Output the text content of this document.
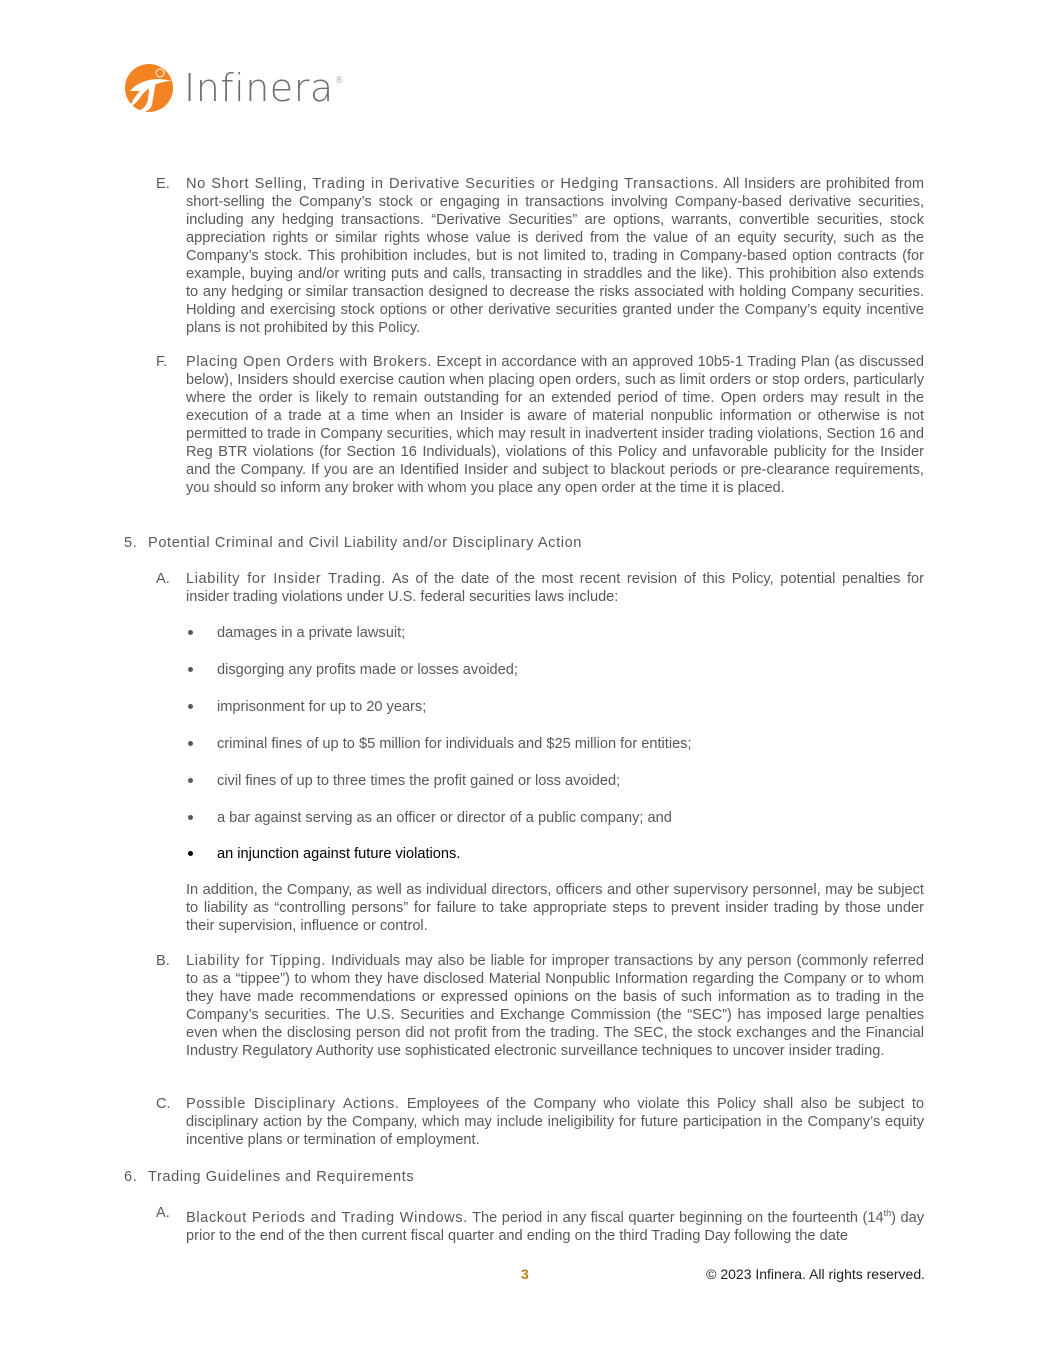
Infinera®
E. No Short Selling, Trading in Derivative Securities or Hedging Transactions. All Insiders are prohibited from short-selling the Company’s stock or engaging in transactions involving Company-based derivative securities, including any hedging transactions. “Derivative Securities” are options, warrants, convertible securities, stock appreciation rights or similar rights whose value is derived from the value of an equity security, such as the Company’s stock. This prohibition includes, but is not limited to, trading in Company-based option contracts (for example, buying and/or writing puts and calls, transacting in straddles and the like). This prohibition also extends to any hedging or similar transaction designed to decrease the risks associated with holding Company securities. Holding and exercising stock options or other derivative securities granted under the Company’s equity incentive plans is not prohibited by this Policy.
F. Placing Open Orders with Brokers. Except in accordance with an approved 10b5-1 Trading Plan (as discussed below), Insiders should exercise caution when placing open orders, such as limit orders or stop orders, particularly where the order is likely to remain outstanding for an extended period of time. Open orders may result in the execution of a trade at a time when an Insider is aware of material nonpublic information or otherwise is not permitted to trade in Company securities, which may result in inadvertent insider trading violations, Section 16 and Reg BTR violations (for Section 16 Individuals), violations of this Policy and unfavorable publicity for the Insider and the Company. If you are an Identified Insider and subject to blackout periods or pre-clearance requirements, you should so inform any broker with whom you place any open order at the time it is placed.
5. Potential Criminal and Civil Liability and/or Disciplinary Action
A. Liability for Insider Trading. As of the date of the most recent revision of this Policy, potential penalties for insider trading violations under U.S. federal securities laws include:
damages in a private lawsuit;
disgorging any profits made or losses avoided;
imprisonment for up to 20 years;
criminal fines of up to $5 million for individuals and $25 million for entities;
civil fines of up to three times the profit gained or loss avoided;
a bar against serving as an officer or director of a public company; and
an injunction against future violations.
In addition, the Company, as well as individual directors, officers and other supervisory personnel, may be subject to liability as “controlling persons” for failure to take appropriate steps to prevent insider trading by those under their supervision, influence or control.
B. Liability for Tipping. Individuals may also be liable for improper transactions by any person (commonly referred to as a “tippee”) to whom they have disclosed Material Nonpublic Information regarding the Company or to whom they have made recommendations or expressed opinions on the basis of such information as to trading in the Company’s securities. The U.S. Securities and Exchange Commission (the “SEC”) has imposed large penalties even when the disclosing person did not profit from the trading. The SEC, the stock exchanges and the Financial Industry Regulatory Authority use sophisticated electronic surveillance techniques to uncover insider trading.
C. Possible Disciplinary Actions. Employees of the Company who violate this Policy shall also be subject to disciplinary action by the Company, which may include ineligibility for future participation in the Company’s equity incentive plans or termination of employment.
6. Trading Guidelines and Requirements
A. Blackout Periods and Trading Windows. The period in any fiscal quarter beginning on the fourteenth (14th) day prior to the end of the then current fiscal quarter and ending on the third Trading Day following the date
3	© 2023 Infinera. All rights reserved.
